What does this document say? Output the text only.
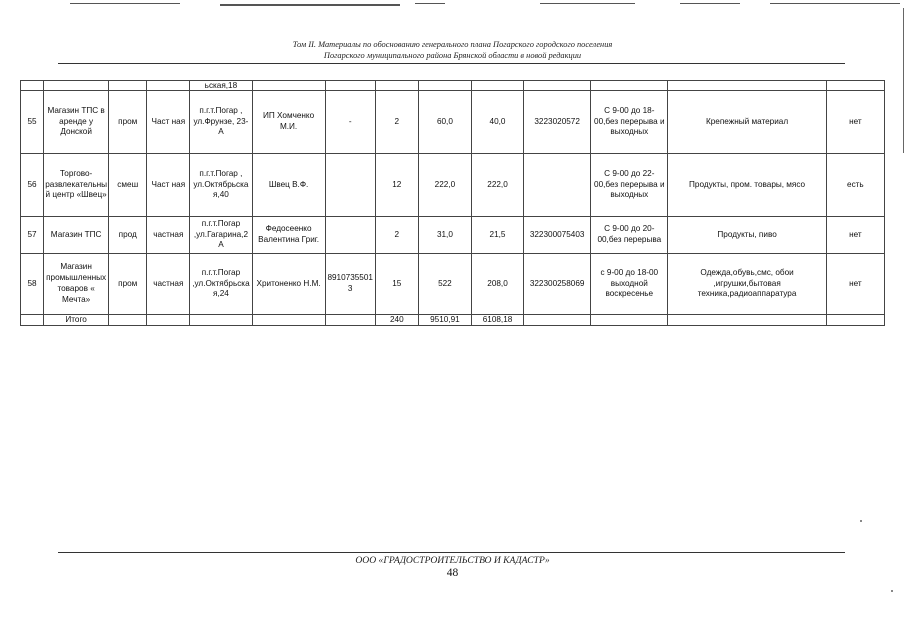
Том II. Материалы по обоснованию генерального плана Погарского городского поселения
Погарского муниципального района Брянской области в новой редакции
				ьская,18									
55	Магазин ТПС в аренде у Донской	пром	Част ная	п.г.т.Погар , ул.Фрунзе, 23-А	ИП Хомченко М.И.	-	2	60,0	40,0	3223020572	С 9-00 до 18-00,без перерыва и выходных	Крепежный материал	нет
56	Торгово-развлекательный центр «Швец»	смеш	Част ная	п.г.т.Погар , ул.Октябрьская,40	Швец В.Ф.		12	222,0	222,0		С 9-00 до 22-00,без перерыва и выходных	Продукты, пром. товары, мясо	есть
57	Магазин ТПС	прод	частная	п.г.т.Погар ,ул.Гагарина,2А	Федосеенко Валентина Григ.		2	31,0	21,5	322300075403	С 9-00 до 20-00,без перерыва	Продукты, пиво	нет
58	Магазин промышленных товаров « Мечта»	пром	частная	п.г.т.Погар ,ул.Октябрьская,24	Хритоненко Н.М.	89107355013	15	522	208,0	322300258069	с 9-00 до 18-00 выходной воскресенье	Одежда,обувь,смс, обои ,игрушки,бытовая техника,радиоаппаратура	нет
	Итого						240	9510,91	6108,18				
ООО «ГРАДОСТРОИТЕЛЬСТВО И КАДАСТР»
48
